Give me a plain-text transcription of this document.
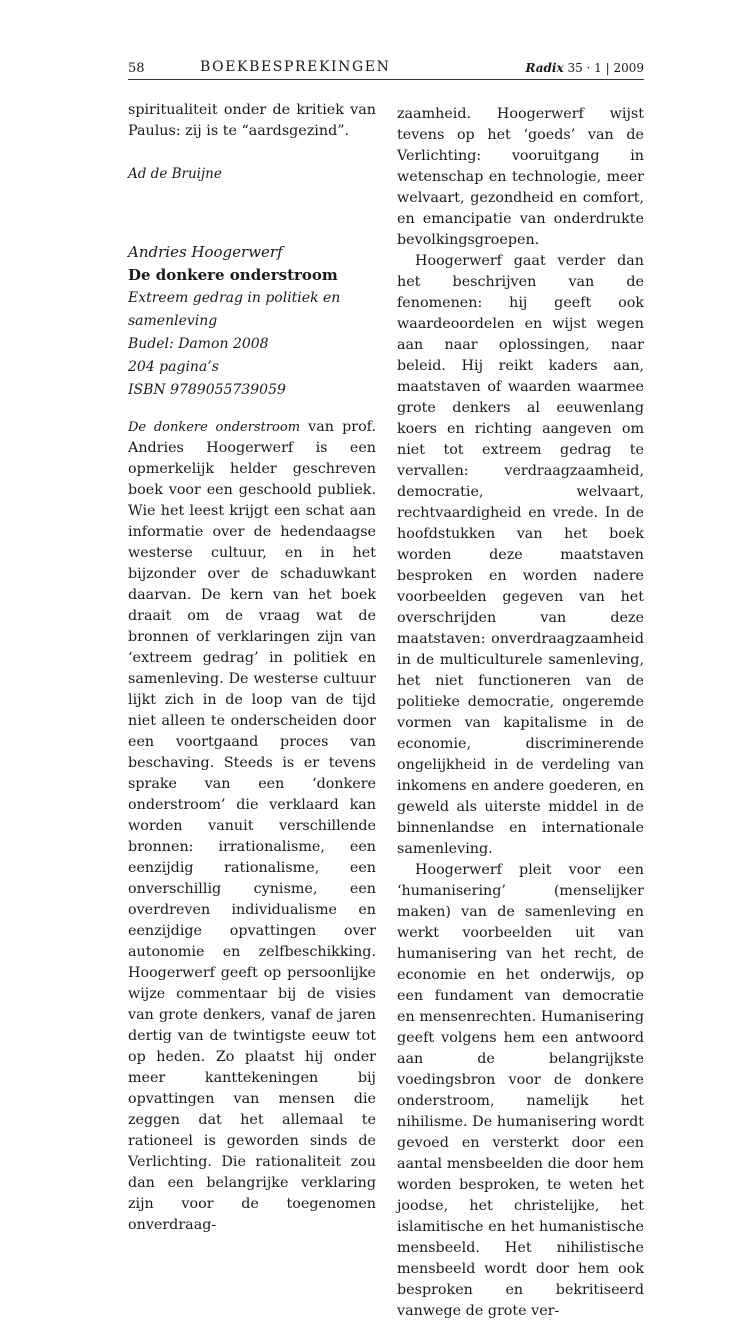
58	BOEKBESPREKINGEN	Radix 35 · 1 | 2009

spiritualiteit onder de kritiek van Paulus: zij is te “aardsgezind”.

Ad de Bruijne
Andries Hoogerwerf
De donkere onderstroom
Extreem gedrag in politiek en samenleving
Budel: Damon 2008
204 pagina’s
ISBN 9789055739059

De donkere onderstroom van prof. Andries Hoogerwerf is een opmerkelijk helder geschreven boek voor een geschoold publiek. Wie het leest krijgt een schat aan informatie over de hedendaagse westerse cultuur, en in het bijzonder over de schaduwkant daarvan. De kern van het boek draait om de vraag wat de bronnen of verklaringen zijn van ‘extreem gedrag’ in politiek en samenleving. De westerse cultuur lijkt zich in de loop van de tijd niet alleen te onderscheiden door een voortgaand proces van beschaving. Steeds is er tevens sprake van een ‘donkere onderstroom’ die verklaard kan worden vanuit verschillende bronnen: irrationalisme, een eenzijdig rationalisme, een onverschillig cynisme, een overdreven individualisme en eenzijdige opvattingen over autonomie en zelfbeschikking. Hoogerwerf geeft op persoonlijke wijze commentaar bij de visies van grote denkers, vanaf de jaren dertig van de twintigste eeuw tot op heden. Zo plaatst hij onder meer kanttekeningen bij opvattingen van mensen die zeggen dat het allemaal te rationeel is geworden sinds de Verlichting. Die rationaliteit zou dan een belangrijke verklaring zijn voor de toegenomen onverdraag-

zaamheid. Hoogerwerf wijst tevens op het ‘goeds’ van de Verlichting: vooruitgang in wetenschap en technologie, meer welvaart, gezondheid en comfort, en emancipatie van onderdrukte bevolkingsgroepen.

Hoogerwerf gaat verder dan het beschrijven van de fenomenen: hij geeft ook waardeoordelen en wijst wegen aan naar oplossingen, naar beleid. Hij reikt kaders aan, maatstaven of waarden waarmee grote denkers al eeuwenlang koers en richting aangeven om niet tot extreem gedrag te vervallen: verdraagzaamheid, democratie, welvaart, rechtvaardigheid en vrede. In de hoofdstukken van het boek worden deze maatstaven besproken en worden nadere voorbeelden gegeven van het overschrijden van deze maatstaven: onverdraagzaamheid in de multiculturele samenleving, het niet functioneren van de politieke democratie, ongeremde vormen van kapitalisme in de economie, discriminerende ongelijkheid in de verdeling van inkomens en andere goederen, en geweld als uiterste middel in de binnenlandse en internationale samenleving.

Hoogerwerf pleit voor een ‘humanisering’ (menselijker maken) van de samenleving en werkt voorbeelden uit van humanisering van het recht, de economie en het onderwijs, op een fundament van democratie en mensenrechten. Humanisering geeft volgens hem een antwoord aan de belangrijkste voedingsbron voor de donkere onderstroom, namelijk het nihilisme. De humanisering wordt gevoed en versterkt door een aantal mensbeelden die door hem worden besproken, te weten het joodse, het christelijke, het islamitische en het humanistische mensbeeld. Het nihilistische mensbeeld wordt door hem ook besproken en bekritiseerd vanwege de grote ver-
